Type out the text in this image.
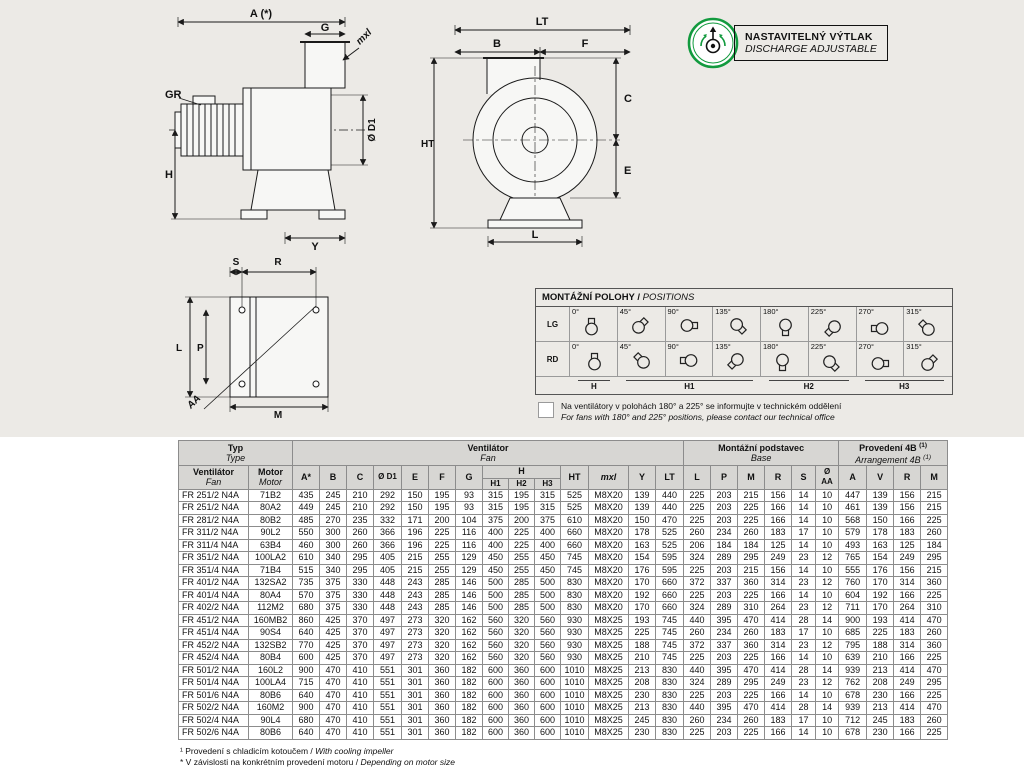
A (*)
G
GR
H
Y
Ø D1
mxl
LT
B	F
C
E
HT
L
S	R
L P
M
AA
NASTAVITELNÝ VÝTLAK
DISCHARGE ADJUSTABLE
MONTÁŽNÍ POLOHY / POSITIONS
LG
0°	45°	90°	135°	180°	225°	270°	315°
RD
0°	45°	90°	135°	180°	225°	270°	315°
H	H1	H2	H3
Na ventilátory v polohách 180° a 225° se informujte v technickém oddělení
For fans with 180° and 225° positions, please contact our technical office
Typ
Type		Ventilátor
Fan														Montážní podstavec
Base						Provedení 4B $^{(1)}$
Arrangement 4B $^{(1)}$

Ventilátor
Fan	Motor
Motor	A*	B	C	Ø D1	E	F	G	H			HT	mxl	Y	LT	L	P	M	R	S	Ø
AA	A	V	R	M
									H1	H2	H3														
FR 251/2 N4A	71B2	435	245	210	292	150	195	93	315	195	315	525	M8X20	139	440	225	203	215	156	14	10	447	139	156	215
FR 251/2 N4A	80A2	449	245	210	292	150	195	93	315	195	315	525	M8X20	139	440	225	203	225	166	14	10	461	139	156	215
FR 281/2 N4A	80B2	485	270	235	332	171	200	104	375	200	375	610	M8X20	150	470	225	203	225	166	14	10	568	150	166	225
FR 311/2 N4A	90L2	550	300	260	366	196	225	116	400	225	400	660	M8X20	178	525	260	234	260	183	17	10	579	178	183	260
FR 311/4 N4A	63B4	460	300	260	366	196	225	116	400	225	400	660	M8X20	163	525	206	184	184	125	14	10	493	163	125	184
FR 351/2 N4A	100LA2	610	340	295	405	215	255	129	450	255	450	745	M8X20	154	595	324	289	295	249	23	12	765	154	249	295
FR 351/4 N4A	71B4	515	340	295	405	215	255	129	450	255	450	745	M8X20	176	595	225	203	215	156	14	10	555	176	156	215
FR 401/2 N4A	132SA2	735	375	330	448	243	285	146	500	285	500	830	M8X20	170	660	372	337	360	314	23	12	760	170	314	360
FR 401/4 N4A	80A4	570	375	330	448	243	285	146	500	285	500	830	M8X20	192	660	225	203	225	166	14	10	604	192	166	225
FR 402/2 N4A	112M2	680	375	330	448	243	285	146	500	285	500	830	M8X20	170	660	324	289	310	264	23	12	711	170	264	310
FR 451/2 N4A	160MB2	860	425	370	497	273	320	162	560	320	560	930	M8X25	193	745	440	395	470	414	28	14	900	193	414	470
FR 451/4 N4A	90S4	640	425	370	497	273	320	162	560	320	560	930	M8X25	225	745	260	234	260	183	17	10	685	225	183	260
FR 452/2 N4A	132SB2	770	425	370	497	273	320	162	560	320	560	930	M8X25	188	745	372	337	360	314	23	12	795	188	314	360
FR 452/4 N4A	80B4	600	425	370	497	273	320	162	560	320	560	930	M8X25	210	745	225	203	225	166	14	10	639	210	166	225
FR 501/2 N4A	160L2	900	470	410	551	301	360	182	600	360	600	1010	M8X25	213	830	440	395	470	414	28	14	939	213	414	470
FR 501/4 N4A	100LA4	715	470	410	551	301	360	182	600	360	600	1010	M8X25	208	830	324	289	295	249	23	12	762	208	249	295
FR 501/6 N4A	80B6	640	470	410	551	301	360	182	600	360	600	1010	M8X25	230	830	225	203	225	166	14	10	678	230	166	225
FR 502/2 N4A	160M2	900	470	410	551	301	360	182	600	360	600	1010	M8X25	213	830	440	395	470	414	28	14	939	213	414	470
FR 502/4 N4A	90L4	680	470	410	551	301	360	182	600	360	600	1010	M8X25	245	830	260	234	260	183	17	10	712	245	183	260
FR 502/6 N4A	80B6	640	470	410	551	301	360	182	600	360	600	1010	M8X25	230	830	225	203	225	166	14	10	678	230	166	225
¹ Provedení s chladicím kotoučem / With cooling impeller
* V závislosti na konkrétním provedení motoru / Depending on motor size
